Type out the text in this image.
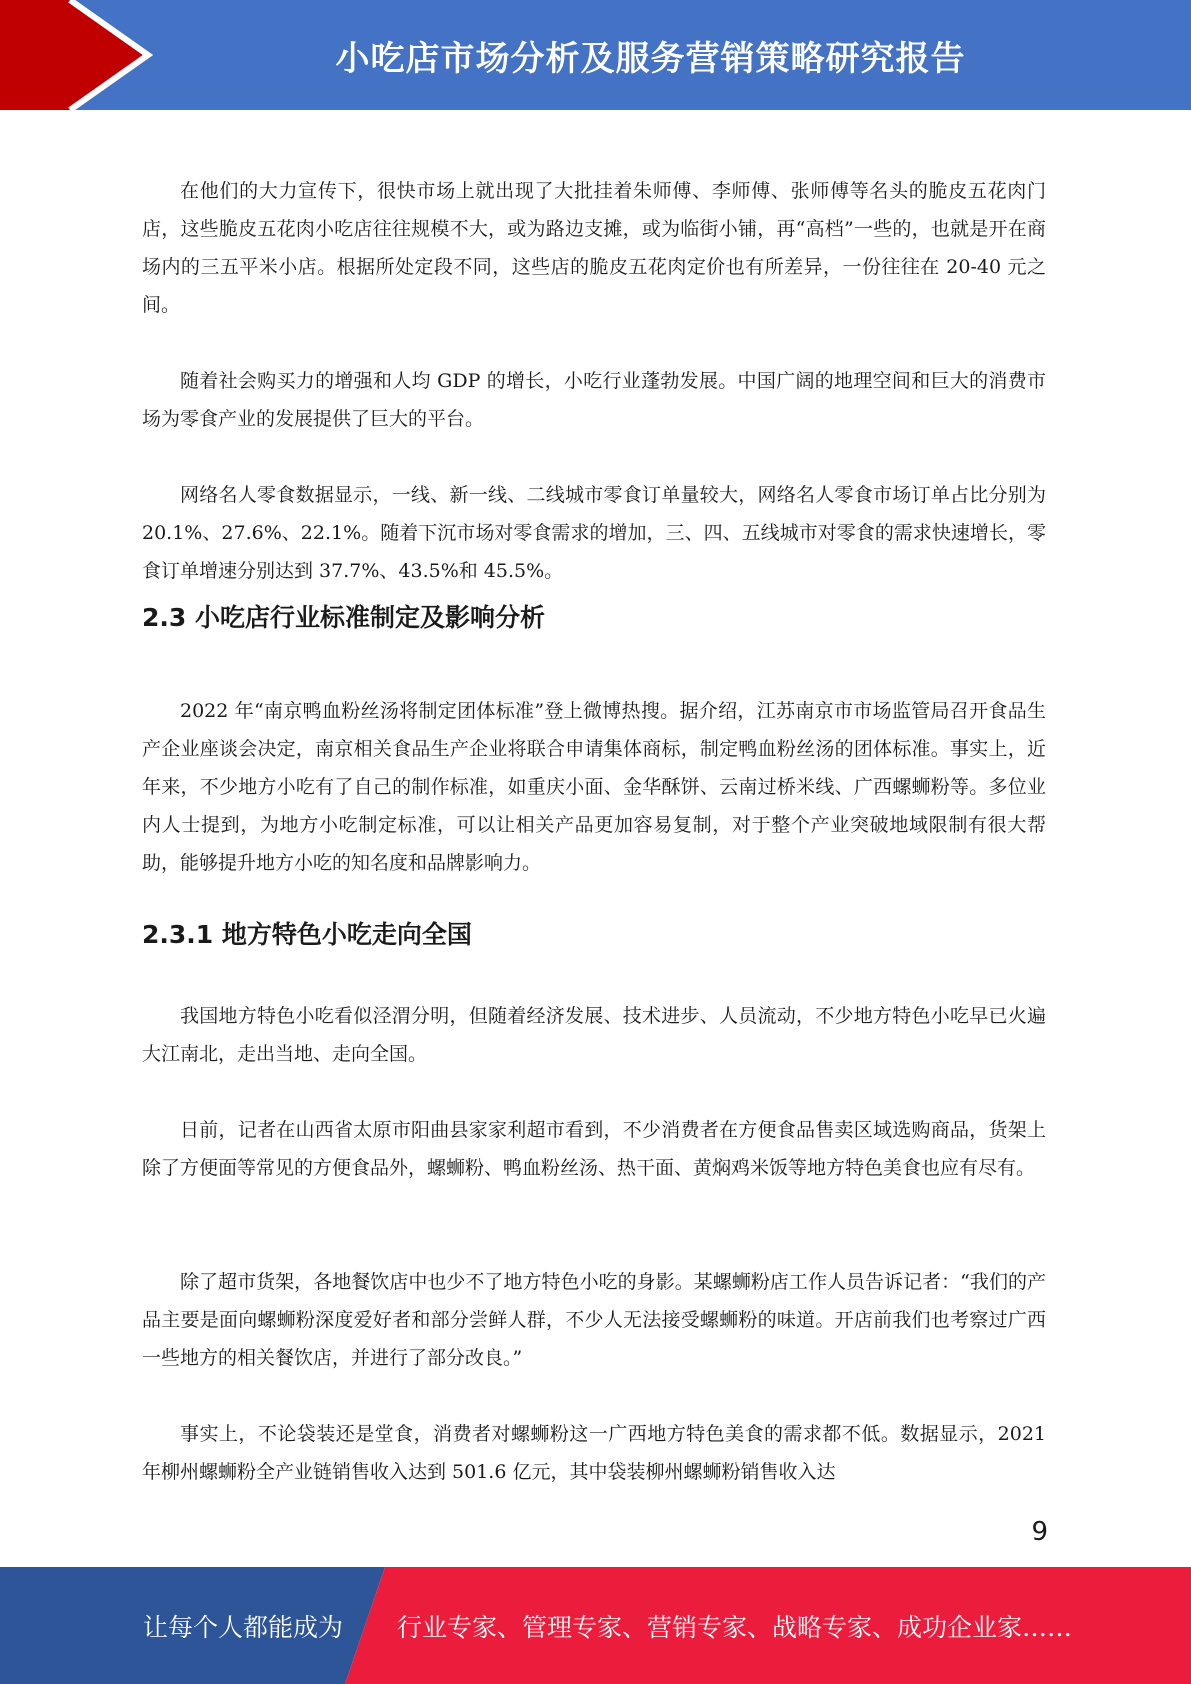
小吃店市场分析及服务营销策略研究报告

在他们的大力宣传下，很快市场上就出现了大批挂着朱师傅、李师傅、张师傅等名头的脆皮五花肉门店，这些脆皮五花肉小吃店往往规模不大，或为路边支摊，或为临街小铺，再“高档”一些的，也就是开在商场内的三五平米小店。根据所处定段不同，这些店的脆皮五花肉定价也有所差异，一份往往在 20-40 元之间。

随着社会购买力的增强和人均 GDP 的增长，小吃行业蓬勃发展。中国广阔的地理空间和巨大的消费市场为零食产业的发展提供了巨大的平台。

网络名人零食数据显示，一线、新一线、二线城市零食订单量较大，网络名人零食市场订单占比分别为 20.1%、27.6%、22.1%。随着下沉市场对零食需求的增加，三、四、五线城市对零食的需求快速增长，零食订单增速分别达到 37.7%、43.5%和 45.5%。

2.3 小吃店行业标准制定及影响分析

2022 年“南京鸭血粉丝汤将制定团体标准”登上微博热搜。据介绍，江苏南京市市场监管局召开食品生产企业座谈会决定，南京相关食品生产企业将联合申请集体商标，制定鸭血粉丝汤的团体标准。事实上，近年来，不少地方小吃有了自己的制作标准，如重庆小面、金华酥饼、云南过桥米线、广西螺蛳粉等。多位业内人士提到，为地方小吃制定标准，可以让相关产品更加容易复制，对于整个产业突破地域限制有很大帮助，能够提升地方小吃的知名度和品牌影响力。

2.3.1 地方特色小吃走向全国

我国地方特色小吃看似泾渭分明，但随着经济发展、技术进步、人员流动，不少地方特色小吃早已火遍大江南北，走出当地、走向全国。

日前，记者在山西省太原市阳曲县家家利超市看到，不少消费者在方便食品售卖区域选购商品，货架上除了方便面等常见的方便食品外，螺蛳粉、鸭血粉丝汤、热干面、黄焖鸡米饭等地方特色美食也应有尽有。

除了超市货架，各地餐饮店中也少不了地方特色小吃的身影。某螺蛳粉店工作人员告诉记者：“我们的产品主要是面向螺蛳粉深度爱好者和部分尝鲜人群，不少人无法接受螺蛳粉的味道。开店前我们也考察过广西一些地方的相关餐饮店，并进行了部分改良。”

事实上，不论袋装还是堂食，消费者对螺蛳粉这一广西地方特色美食的需求都不低。数据显示，2021 年柳州螺蛳粉全产业链销售收入达到 501.6 亿元，其中袋装柳州螺蛳粉销售收入达

9
让每个人都能成为 行业专家、管理专家、营销专家、战略专家、成功企业家……
